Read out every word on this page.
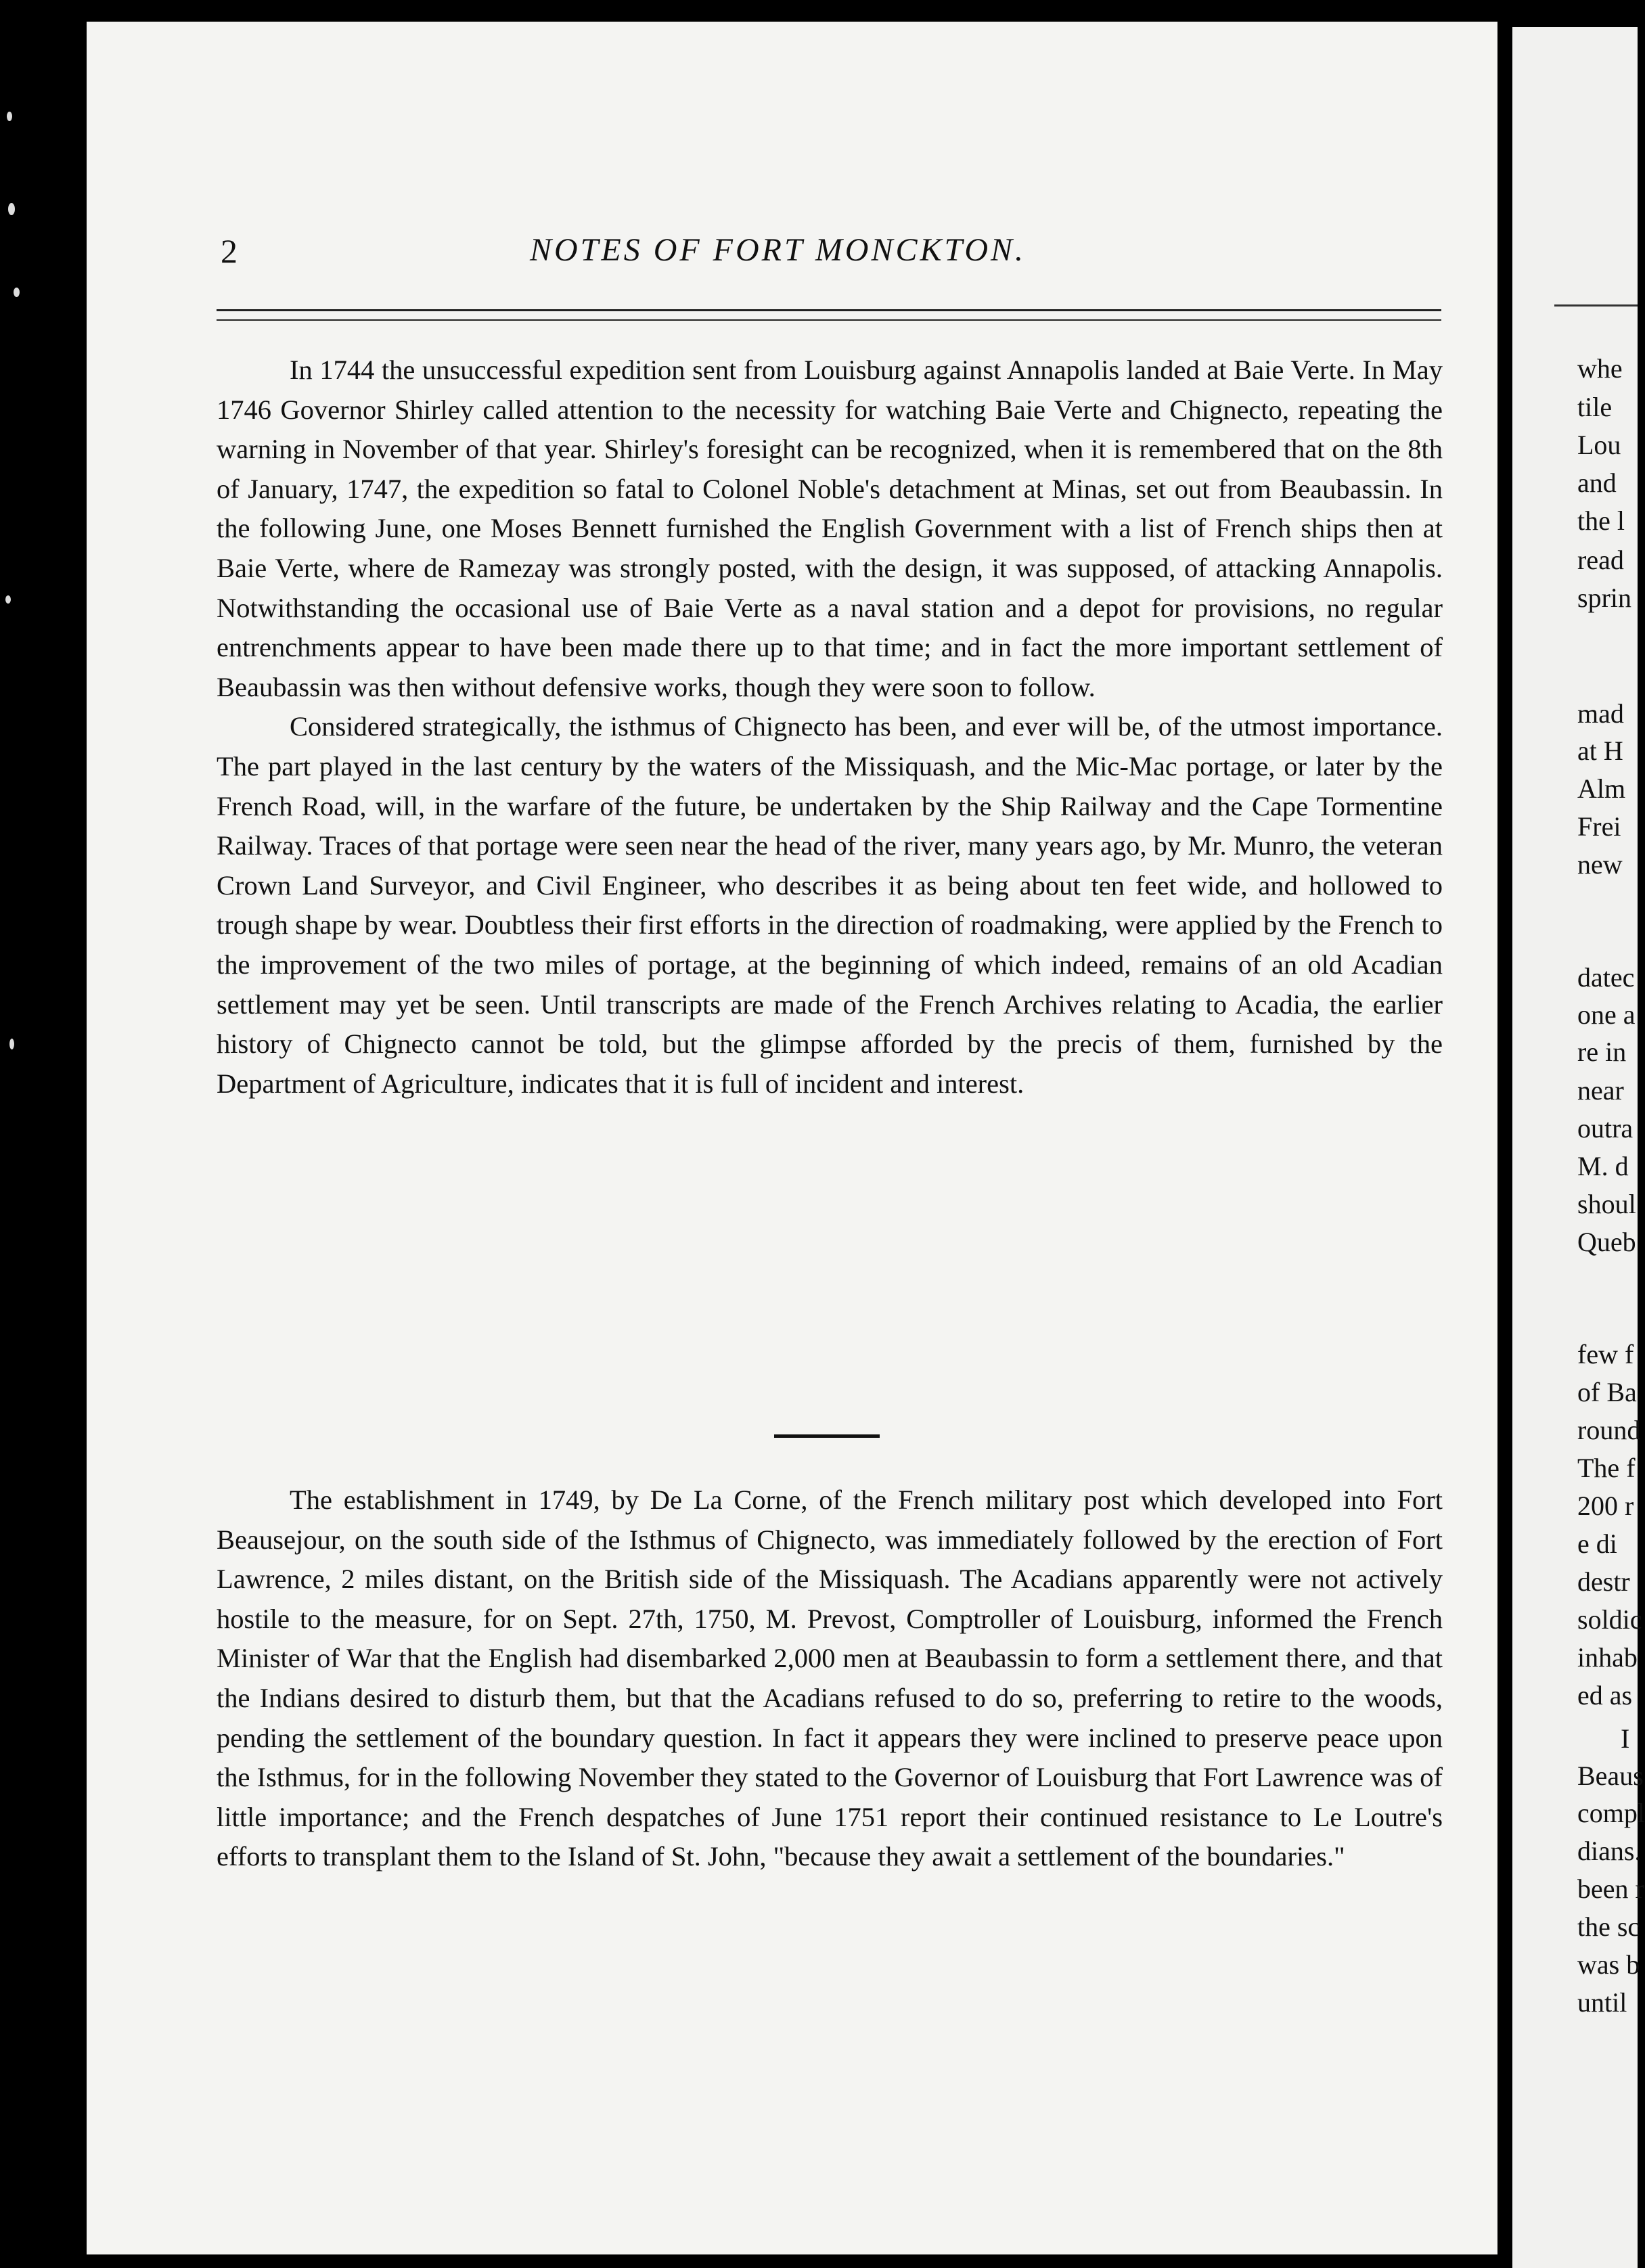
2	NOTES OF FORT MONCKTON.

In 1744 the unsuccessful expedition sent from Louisburg against Annapolis landed at Baie Verte. In May 1746 Governor Shirley called attention to the necessity for watching Baie Verte and Chignecto, repeating the warning in November of that year. Shirley's foresight can be recognized, when it is remembered that on the 8th of January, 1747, the expedition so fatal to Colonel Noble's detachment at Minas, set out from Beaubassin. In the following June, one Moses Bennett furnished the English Government with a list of French ships then at Baie Verte, where de Ramezay was strongly posted, with the design, it was supposed, of attacking Annapolis. Notwithstanding the occasional use of Baie Verte as a naval station and a depot for provisions, no regular entrenchments appear to have been made there up to that time; and in fact the more important settlement of Beaubassin was then without defensive works, though they were soon to follow.

Considered strategically, the isthmus of Chignecto has been, and ever will be, of the utmost importance. The part played in the last century by the waters of the Missiquash, and the Mic-Mac portage, or later by the French Road, will, in the warfare of the future, be undertaken by the Ship Railway and the Cape Tormentine Railway. Traces of that portage were seen near the head of the river, many years ago, by Mr. Munro, the veteran Crown Land Surveyor, and Civil Engineer, who describes it as being about ten feet wide, and hollowed to trough shape by wear. Doubtless their first efforts in the direction of roadmaking, were applied by the French to the improvement of the two miles of portage, at the beginning of which indeed, remains of an old Acadian settlement may yet be seen. Until transcripts are made of the French Archives relating to Acadia, the earlier history of Chignecto cannot be told, but the glimpse afforded by the precis of them, furnished by the Department of Agriculture, indicates that it is full of incident and interest.

The establishment in 1749, by De La Corne, of the French military post which developed into Fort Beausejour, on the south side of the Isthmus of Chignecto, was immediately followed by the erection of Fort Lawrence, 2 miles distant, on the British side of the Missiquash. The Acadians apparently were not actively hostile to the measure, for on Sept. 27th, 1750, M. Prevost, Comptroller of Louisburg, informed the French Minister of War that the English had disembarked 2,000 men at Beaubassin to form a settlement there, and that the Indians desired to disturb them, but that the Acadians refused to do so, preferring to retire to the woods, pending the settlement of the boundary question. In fact it appears they were inclined to preserve peace upon the Isthmus, for in the following November they stated to the Governor of Louisburg that Fort Lawrence was of little importance; and the French despatches of June 1751 report their continued resistance to Le Loutre's efforts to transplant them to the Island of St. John, "because they await a settlement of the boundaries."

whe
tile
Lou
and
the l
read
sprin
mad
at H
Alm
Frei
new
datec
one a
re in
near
outra
M. d
shoul
Queb
few f
of Ba
round
The f
200 r
e di
destr
soldic
inhab
ed as
I
Beaus
compl
dians.
been r
the sc
was b
until
